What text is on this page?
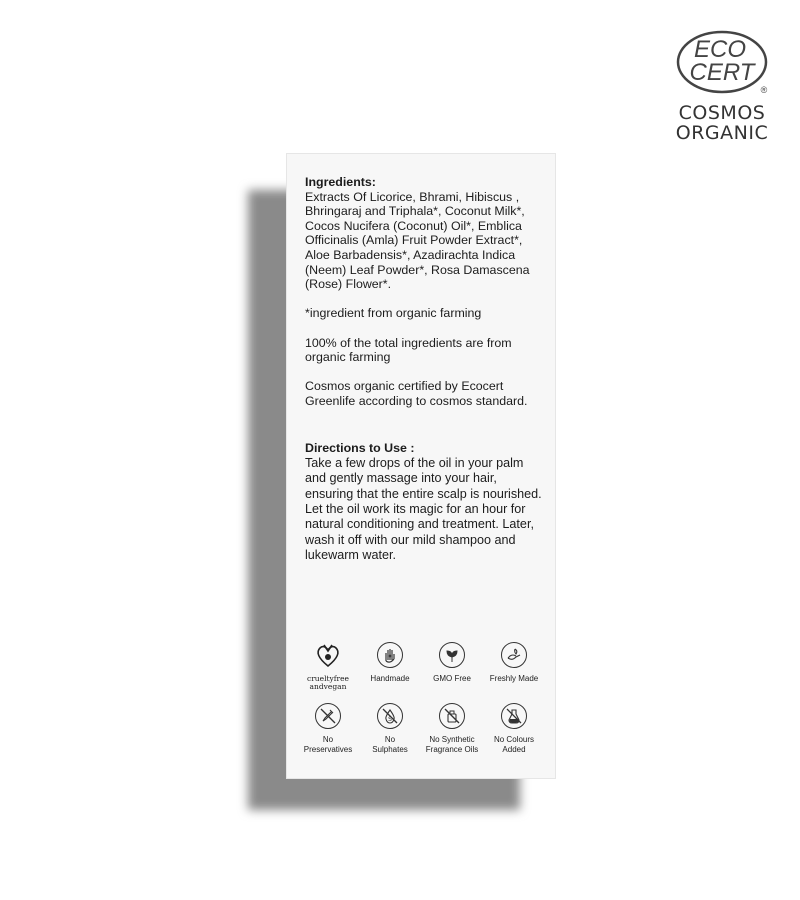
ECO
CERT
®
COSMOS
ORGANIC
Ingredients:

Extracts Of Licorice, Bhrami, Hibiscus , Bhringaraj and Triphala*, Coconut Milk*, Cocos Nucifera (Coconut) Oil*, Emblica Officinalis (Amla) Fruit Powder Extract*, Aloe Barbadensis*, Azadirachta Indica (Neem) Leaf Powder*, Rosa Damascena (Rose) Flower*.

*ingredient from organic farming

100% of the total ingredients are from organic farming

Cosmos organic certified by Ecocert Greenlife according to cosmos standard.

Directions to Use :

Take a few drops of the oil in your palm and gently massage into your hair, ensuring that the entire scalp is nourished. Let the oil work its magic for an hour for natural conditioning and treatment. Later, wash it off with our mild shampoo and lukewarm water.

crueltyfree
andvegan
Handmade	GMO Free	Freshly Made
No
Preservatives
S
No
Sulphates
No Synthetic
Fragrance Oils
No Colours
Added
